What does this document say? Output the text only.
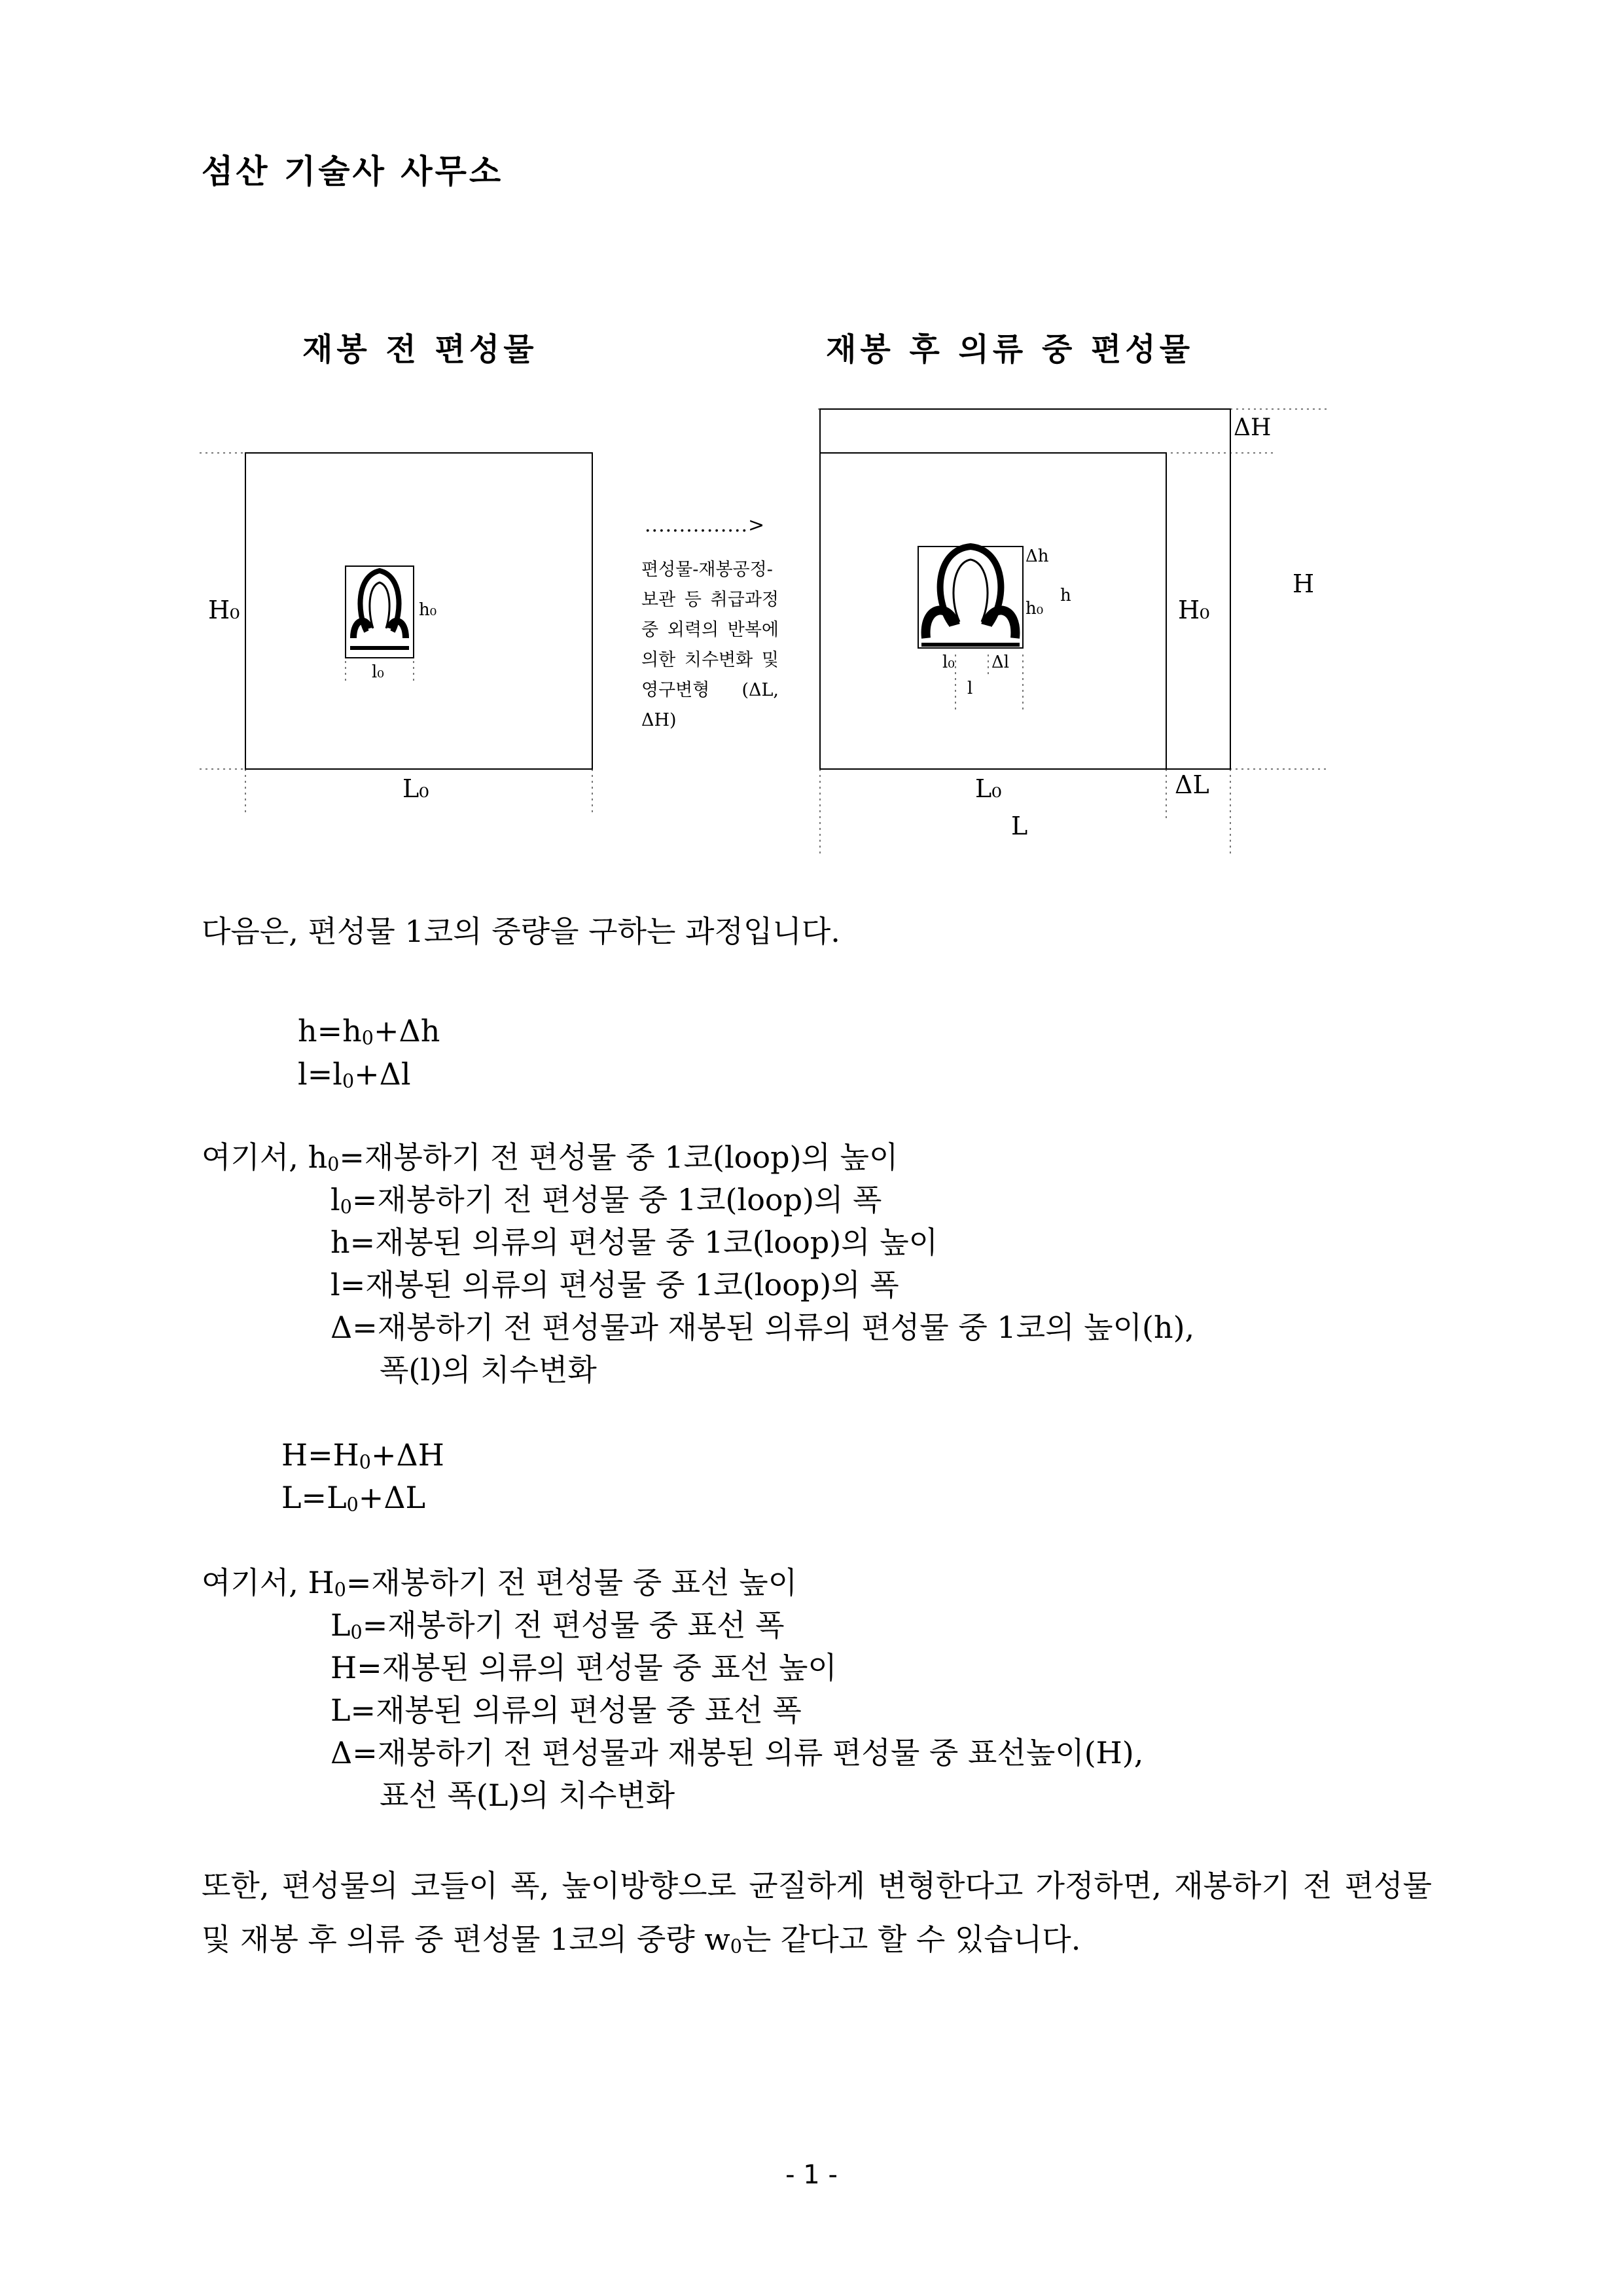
섬산 기술사 사무소
재봉 전 편성물	재봉 후 의류 중 편성물
H₀
L₀
h₀
l₀
ΔH
H
H₀
ΔL
L₀
L
Δh
h
h₀
l₀ Δl
l
...............>
편성물-재봉공정-보관 등 취급과정 중 외력의 반복에 의한 치수변화 및 영구변형 (ΔL, ΔH)
다음은, 편성물 1코의 중량을 구하는 과정입니다.
$h=h_0+\Delta h$
$l=l_0+\Delta l$
여기서, $h_0=$재봉하기 전 편성물 중 1코(loop)의 높이
$l_0=$재봉하기 전 편성물 중 1코(loop)의 폭
h=재봉된 의류의 편성물 중 1코(loop)의 높이
l=재봉된 의류의 편성물 중 1코(loop)의 폭
Δ=재봉하기 전 편성물과 재봉된 의류의 편성물 중 1코의 높이(h),
폭(l)의 치수변화
$H=H_0+\Delta H$
$L=L_0+\Delta L$
여기서, $H_0=$재봉하기 전 편성물 중 표선 높이
$L_0=$재봉하기 전 편성물 중 표선 폭
H=재봉된 의류의 편성물 중 표선 높이
L=재봉된 의류의 편성물 중 표선 폭
Δ=재봉하기 전 편성물과 재봉된 의류 편성물 중 표선높이(H),
표선 폭(L)의 치수변화
또한, 편성물의 코들이 폭, 높이방향으로 균질하게 변형한다고 가정하면, 재봉하기 전 편성물 및 재봉 후 의류 중 편성물 1코의 중량 $w_0$는 같다고 할 수 있습니다.
- 1 -
